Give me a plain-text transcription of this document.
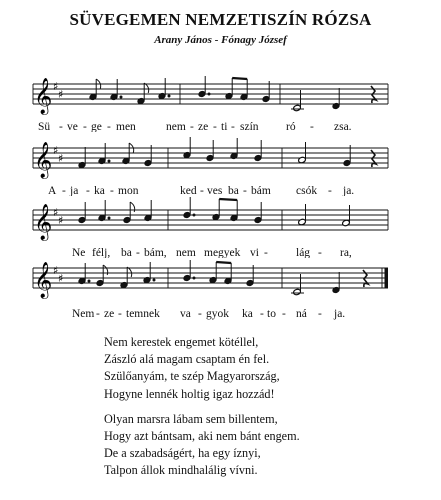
SÜVEGEMEN NEMZETISZÍN RÓZSA
Arany János - Fónagy József
𝄞 ♯
♯
Sü - ve - ge - men	nem - ze - ti - szín ró - zsa.
𝄞 ♯
♯
A - ja - ka - mon	ked - ves ba - bám csók - ja.
𝄞 ♯
♯
Ne félj, ba - bám, nem megyek vi - lág - ra,
𝄞 ♯
♯
Nem - ze - temnek va - gyok ka - to - ná - ja.
Nem kerestek engemet kötéllel,
Zászló alá magam csaptam én fel.
Szülőanyám, te szép Magyarország,
Hogyne lennék holtig igaz hozzád!
Olyan marsra lábam sem billentem,
Hogy azt bántsam, aki nem bánt engem.
De a szabadságért, ha egy íznyi,
Talpon állok mindhalálig vívni.
